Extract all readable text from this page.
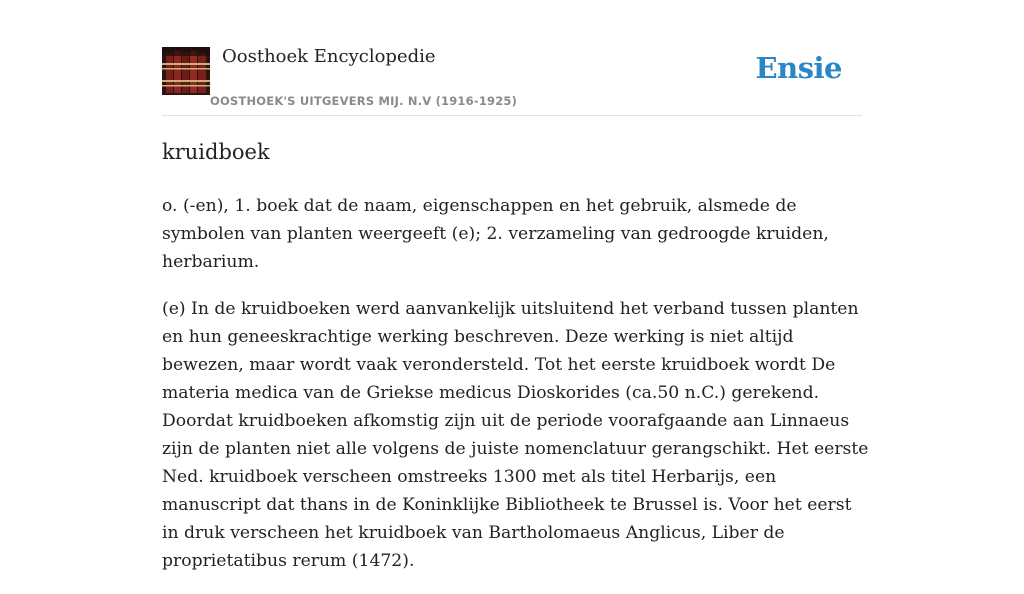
Oosthoek Encyclopedie
OOSTHOEK'S UITGEVERS MIJ. N.V (1916-1925)
Ensie
kruidboek

o. (-en), 1. boek dat de naam, eigenschappen en het gebruik, alsmede de symbolen van planten weergeeft (e); 2. verzameling van gedroogde kruiden, herbarium.

(e) In de kruidboeken werd aanvankelijk uitsluitend het verband tussen planten en hun geneeskrachtige werking beschreven. Deze werking is niet altijd bewezen, maar wordt vaak verondersteld. Tot het eerste kruidboek wordt De materia medica van de Griekse medicus Dioskorides (ca.50 n.C.) gerekend. Doordat kruidboeken afkomstig zijn uit de periode voorafgaande aan Linnaeus zijn de planten niet alle volgens de juiste nomenclatuur gerangschikt. Het eerste Ned. kruidboek verscheen omstreeks 1300 met als titel Herbarijs, een manuscript dat thans in de Koninklijke Bibliotheek te Brussel is. Voor het eerst in druk verscheen het kruidboek van Bartholomaeus Anglicus, Liber de proprietatibus rerum (1472).
